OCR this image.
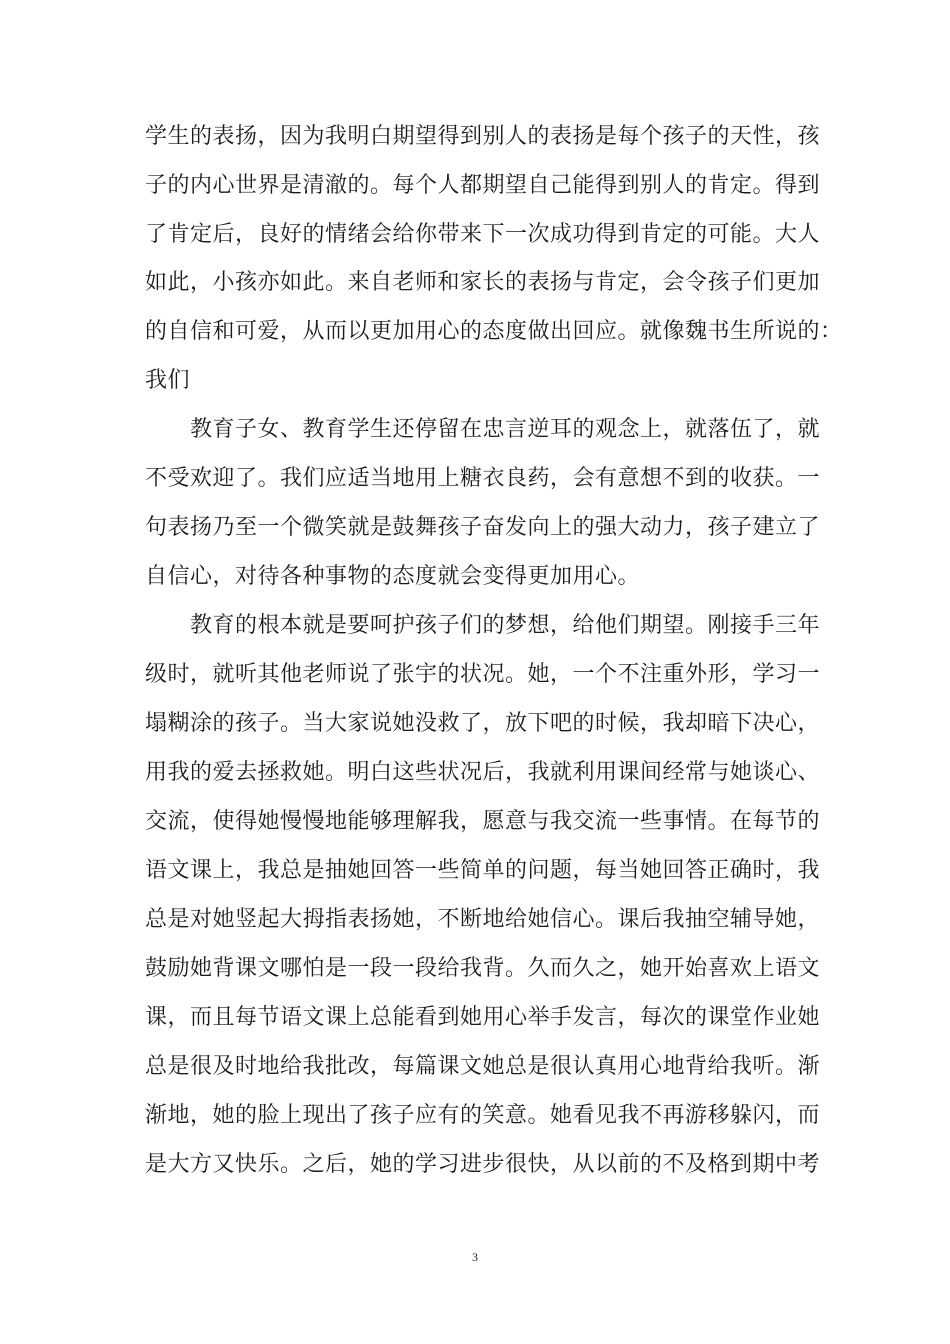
学生的表扬，因为我明白期望得到别人的表扬是每个孩子的天性，孩
子的内心世界是清澈的。每个人都期望自己能得到别人的肯定。得到
了肯定后，良好的情绪会给你带来下一次成功得到肯定的可能。大人
如此，小孩亦如此。来自老师和家长的表扬与肯定，会令孩子们更加
的自信和可爱，从而以更加用心的态度做出回应。就像魏书生所说的：
我们
　　教育子女、教育学生还停留在忠言逆耳的观念上，就落伍了，就
不受欢迎了。我们应适当地用上糖衣良药，会有意想不到的收获。一
句表扬乃至一个微笑就是鼓舞孩子奋发向上的强大动力，孩子建立了
自信心，对待各种事物的态度就会变得更加用心。
　　教育的根本就是要呵护孩子们的梦想，给他们期望。刚接手三年
级时，就听其他老师说了张宇的状况。她，一个不注重外形，学习一
塌糊涂的孩子。当大家说她没救了，放下吧的时候，我却暗下决心，
用我的爱去拯救她。明白这些状况后，我就利用课间经常与她谈心、
交流，使得她慢慢地能够理解我，愿意与我交流一些事情。在每节的
语文课上，我总是抽她回答一些简单的问题，每当她回答正确时，我
总是对她竖起大拇指表扬她，不断地给她信心。课后我抽空辅导她，
鼓励她背课文哪怕是一段一段给我背。久而久之，她开始喜欢上语文
课，而且每节语文课上总能看到她用心举手发言，每次的课堂作业她
总是很及时地给我批改，每篇课文她总是很认真用心地背给我听。渐
渐地，她的脸上现出了孩子应有的笑意。她看见我不再游移躲闪，而
是大方又快乐。之后，她的学习进步很快，从以前的不及格到期中考
3
